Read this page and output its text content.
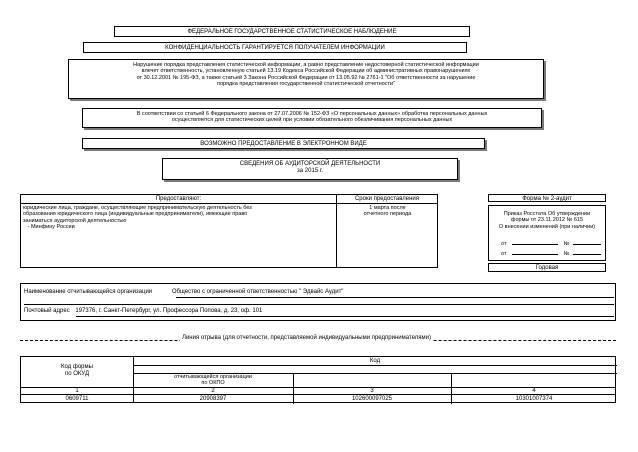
ФЕДЕРАЛЬНОЕ ГОСУДАРСТВЕННОЕ СТАТИСТИЧЕСКОЕ НАБЛЮДЕНИЕ
КОНФИДЕНЦИАЛЬНОСТЬ ГАРАНТИРУЕТСЯ ПОЛУЧАТЕЛЕМ ИНФОРМАЦИИ
Нарушение порядка представления статистической информации, а равно представление недостоверной статистической информации
влечет ответственность, установленную статьей 13.19 Кодекса Российской Федерации об административных правонарушениях
от 30.12.2001 № 195-ФЗ, а также статьей 3 Закона Российской Федерации от 13.05.92 № 2761-1 "Об ответственности за нарушение
порядка представления государственной статистической отчетности"
В соответствии со статьей 6 Федерального закона от 27.07.2006 № 152-ФЗ «О персональных данных» обработка персональных данных
осуществляется для статистических целей при условии обязательного обезличивания персональных данных
ВОЗМОЖНО ПРЕДОСТАВЛЕНИЕ В ЭЛЕКТРОННОМ ВИДЕ
СВЕДЕНИЯ ОБ АУДИТОРСКОЙ ДЕЯТЕЛЬНОСТИ
за 2015 г.
Предоставляют:	Сроки предоставления
юридические лица, граждане, осуществляющие предпринимательскую деятельность без
образования юридического лица (индивидуальные предприниматели), имеющие право
заниматься аудиторской деятельностью
- Минфину России
1 марта после
отчетного периода
Форма № 2-аудит
Приказ Росстата Об утверждении
формы от 23.11.2012 № 615
О внесении изменений (при наличии)
от	№
от	№
Годовая
Наименование отчитывающейся организации	Общество с ограниченной ответственностью " Эдвайс Аудит"
Почтовый адрес 197376, г. Санкт-Петербург, ул. Профессора Попова, д. 23, оф. 101
Линия отрыва (для отчетности, представляемой индивидуальными предпринимателями)
Код формы
по ОКУД
Код
отчитывающейся организации
по ОКПО
1	2	3	4
0609711	20908397	102600097025	10301007374
